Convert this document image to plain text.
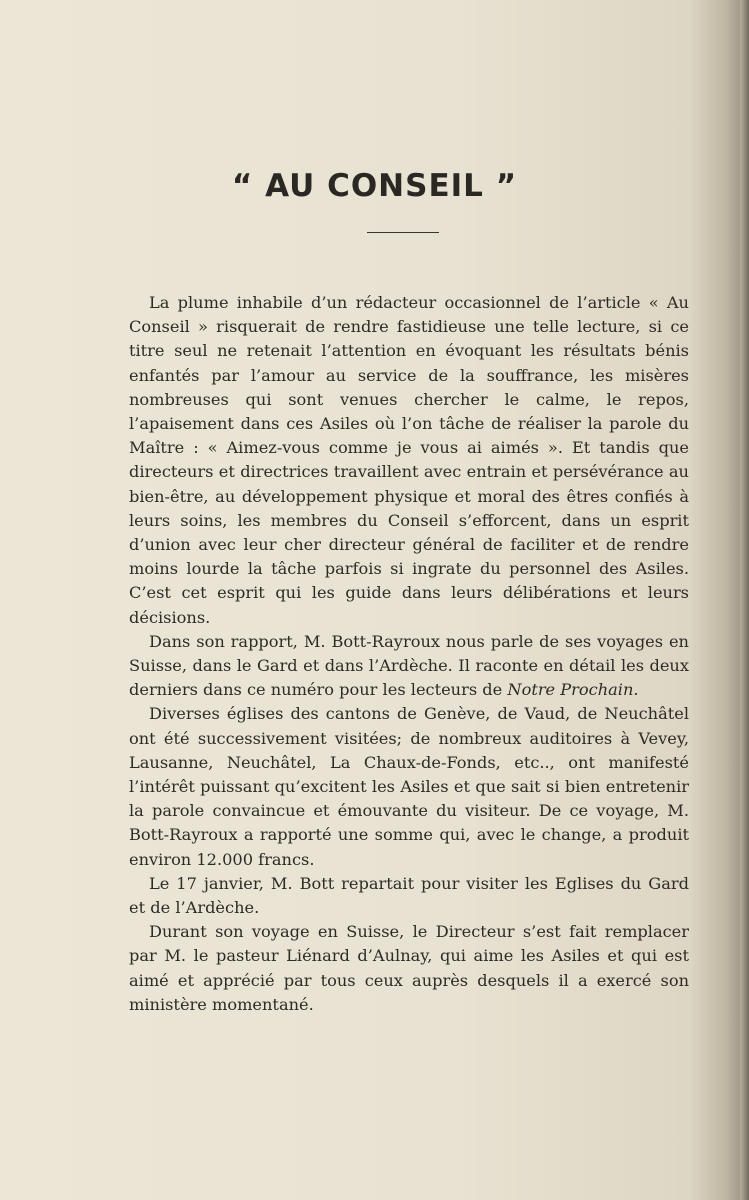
“ AU CONSEIL ”

La plume inhabile d’un rédacteur occasionnel de l’article « Au Conseil » risquerait de rendre fastidieuse une telle lecture, si ce titre seul ne retenait l’attention en évoquant les résultats bénis enfantés par l’amour au service de la souffrance, les misères nombreuses qui sont venues chercher le calme, le repos, l’apaisement dans ces Asiles où l’on tâche de réaliser la parole du Maître : « Aimez-vous comme je vous ai aimés ». Et tandis que directeurs et directrices travaillent avec entrain et persévérance au bien-être, au développement physique et moral des êtres confiés à leurs soins, les membres du Conseil s’efforcent, dans un esprit d’union avec leur cher directeur général de faciliter et de rendre moins lourde la tâche parfois si ingrate du personnel des Asiles. C’est cet esprit qui les guide dans leurs délibérations et leurs décisions.

Dans son rapport, M. Bott-Rayroux nous parle de ses voyages en Suisse, dans le Gard et dans l’Ardèche. Il raconte en détail les deux derniers dans ce numéro pour les lecteurs de Notre Prochain.

Diverses églises des cantons de Genève, de Vaud, de Neuchâtel ont été successivement visitées; de nombreux auditoires à Vevey, Lausanne, Neuchâtel, La Chaux-de-Fonds, etc.., ont manifesté l’intérêt puissant qu’excitent les Asiles et que sait si bien entretenir la parole convaincue et émouvante du visiteur. De ce voyage, M. Bott-Rayroux a rapporté une somme qui, avec le change, a produit environ 12.000 francs.

Le 17 janvier, M. Bott repartait pour visiter les Eglises du Gard et de l’Ardèche.

Durant son voyage en Suisse, le Directeur s’est fait remplacer par M. le pasteur Liénard d’Aulnay, qui aime les Asiles et qui est aimé et apprécié par tous ceux auprès desquels il a exercé son ministère momentané.
